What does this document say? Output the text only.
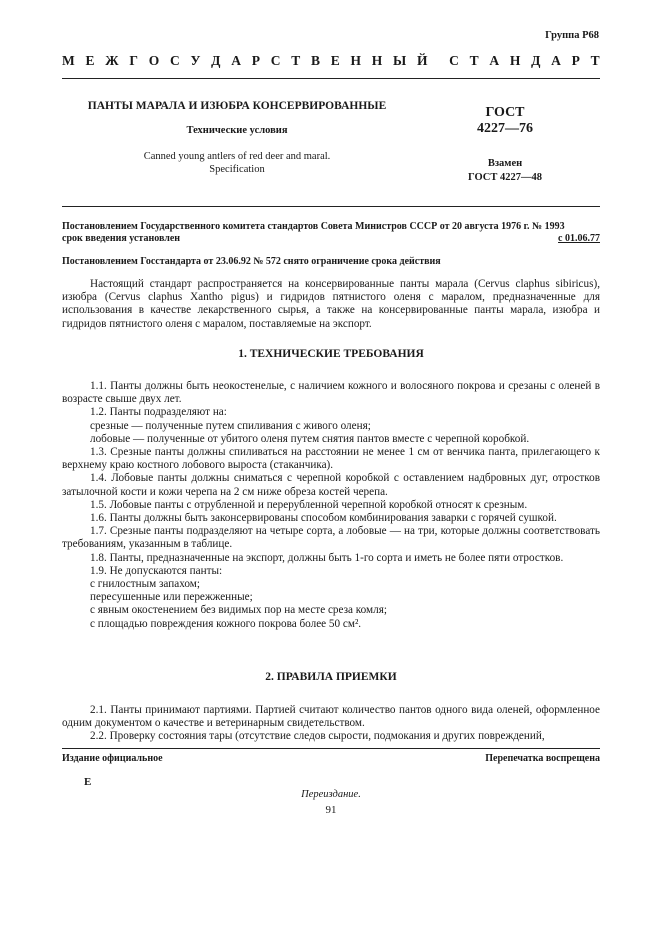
Группа Р68
М Е Ж Г О С У Д А Р С Т В Е Н Н Ы Й С Т А Н Д А Р Т
ПАНТЫ МАРАЛА И ИЗЮБРА КОНСЕРВИРОВАННЫЕ
Технические условия
Canned young antlers of red deer and maral.
Specification
ГОСТ
4227—76
Взамен
ГОСТ 4227—48
Постановлением Государственного комитета стандартов Совета Министров СССР от 20 августа 1976 г. № 1993
срок введения установлен	с 01.06.77
Постановлением Госстандарта от 23.06.92 № 572 снято ограничение срока действия

Настоящий стандарт распространяется на консервированные панты марала (Cervus claphus sibiricus), изюбра (Cervus claphus Xantho pigus) и гидридов пятнистого оленя с маралом, предназначенные для использования в качестве лекарственного сырья, а также на консервированные панты марала, изюбра и гидридов пятнистого оленя с маралом, поставляемые на экспорт.

1. ТЕХНИЧЕСКИЕ ТРЕБОВАНИЯ

1.1. Панты должны быть неокостенелые, с наличием кожного и волосяного покрова и срезаны с оленей в возрасте свыше двух лет.

1.2. Панты подразделяют на:

срезные — полученные путем спиливания с живого оленя;

лобовые — полученные от убитого оленя путем снятия пантов вместе с черепной коробкой.

1.3. Срезные панты должны спиливаться на расстоянии не менее 1 см от венчика панта, прилегающего к верхнему краю костного лобового выроста (стаканчика).

1.4. Лобовые панты должны сниматься с черепной коробкой с оставлением надбровных дуг, отростков затылочной кости и кожи черепа на 2 см ниже обреза костей черепа.

1.5. Лобовые панты с отрубленной и перерубленной черепной коробкой относят к срезным.

1.6. Панты должны быть законсервированы способом комбинирования заварки с горячей сушкой.

1.7. Срезные панты подразделяют на четыре сорта, а лобовые — на три, которые должны соответствовать требованиям, указанным в таблице.

1.8. Панты, предназначенные на экспорт, должны быть 1-го сорта и иметь не более пяти отростков.

1.9. Не допускаются панты:

с гнилостным запахом;

пересушенные или пережженные;

с явным окостенением без видимых пор на месте среза комля;

с площадью повреждения кожного покрова более 50 см².

2. ПРАВИЛА ПРИЕМКИ

2.1. Панты принимают партиями. Партией считают количество пантов одного вида оленей, оформленное одним документом о качестве и ветеринарным свидетельством.

2.2. Проверку состояния тары (отсутствие следов сырости, подмокания и других повреждений,

Издание официальное	Перепечатка воспрещена
Е
Переиздание.
91
